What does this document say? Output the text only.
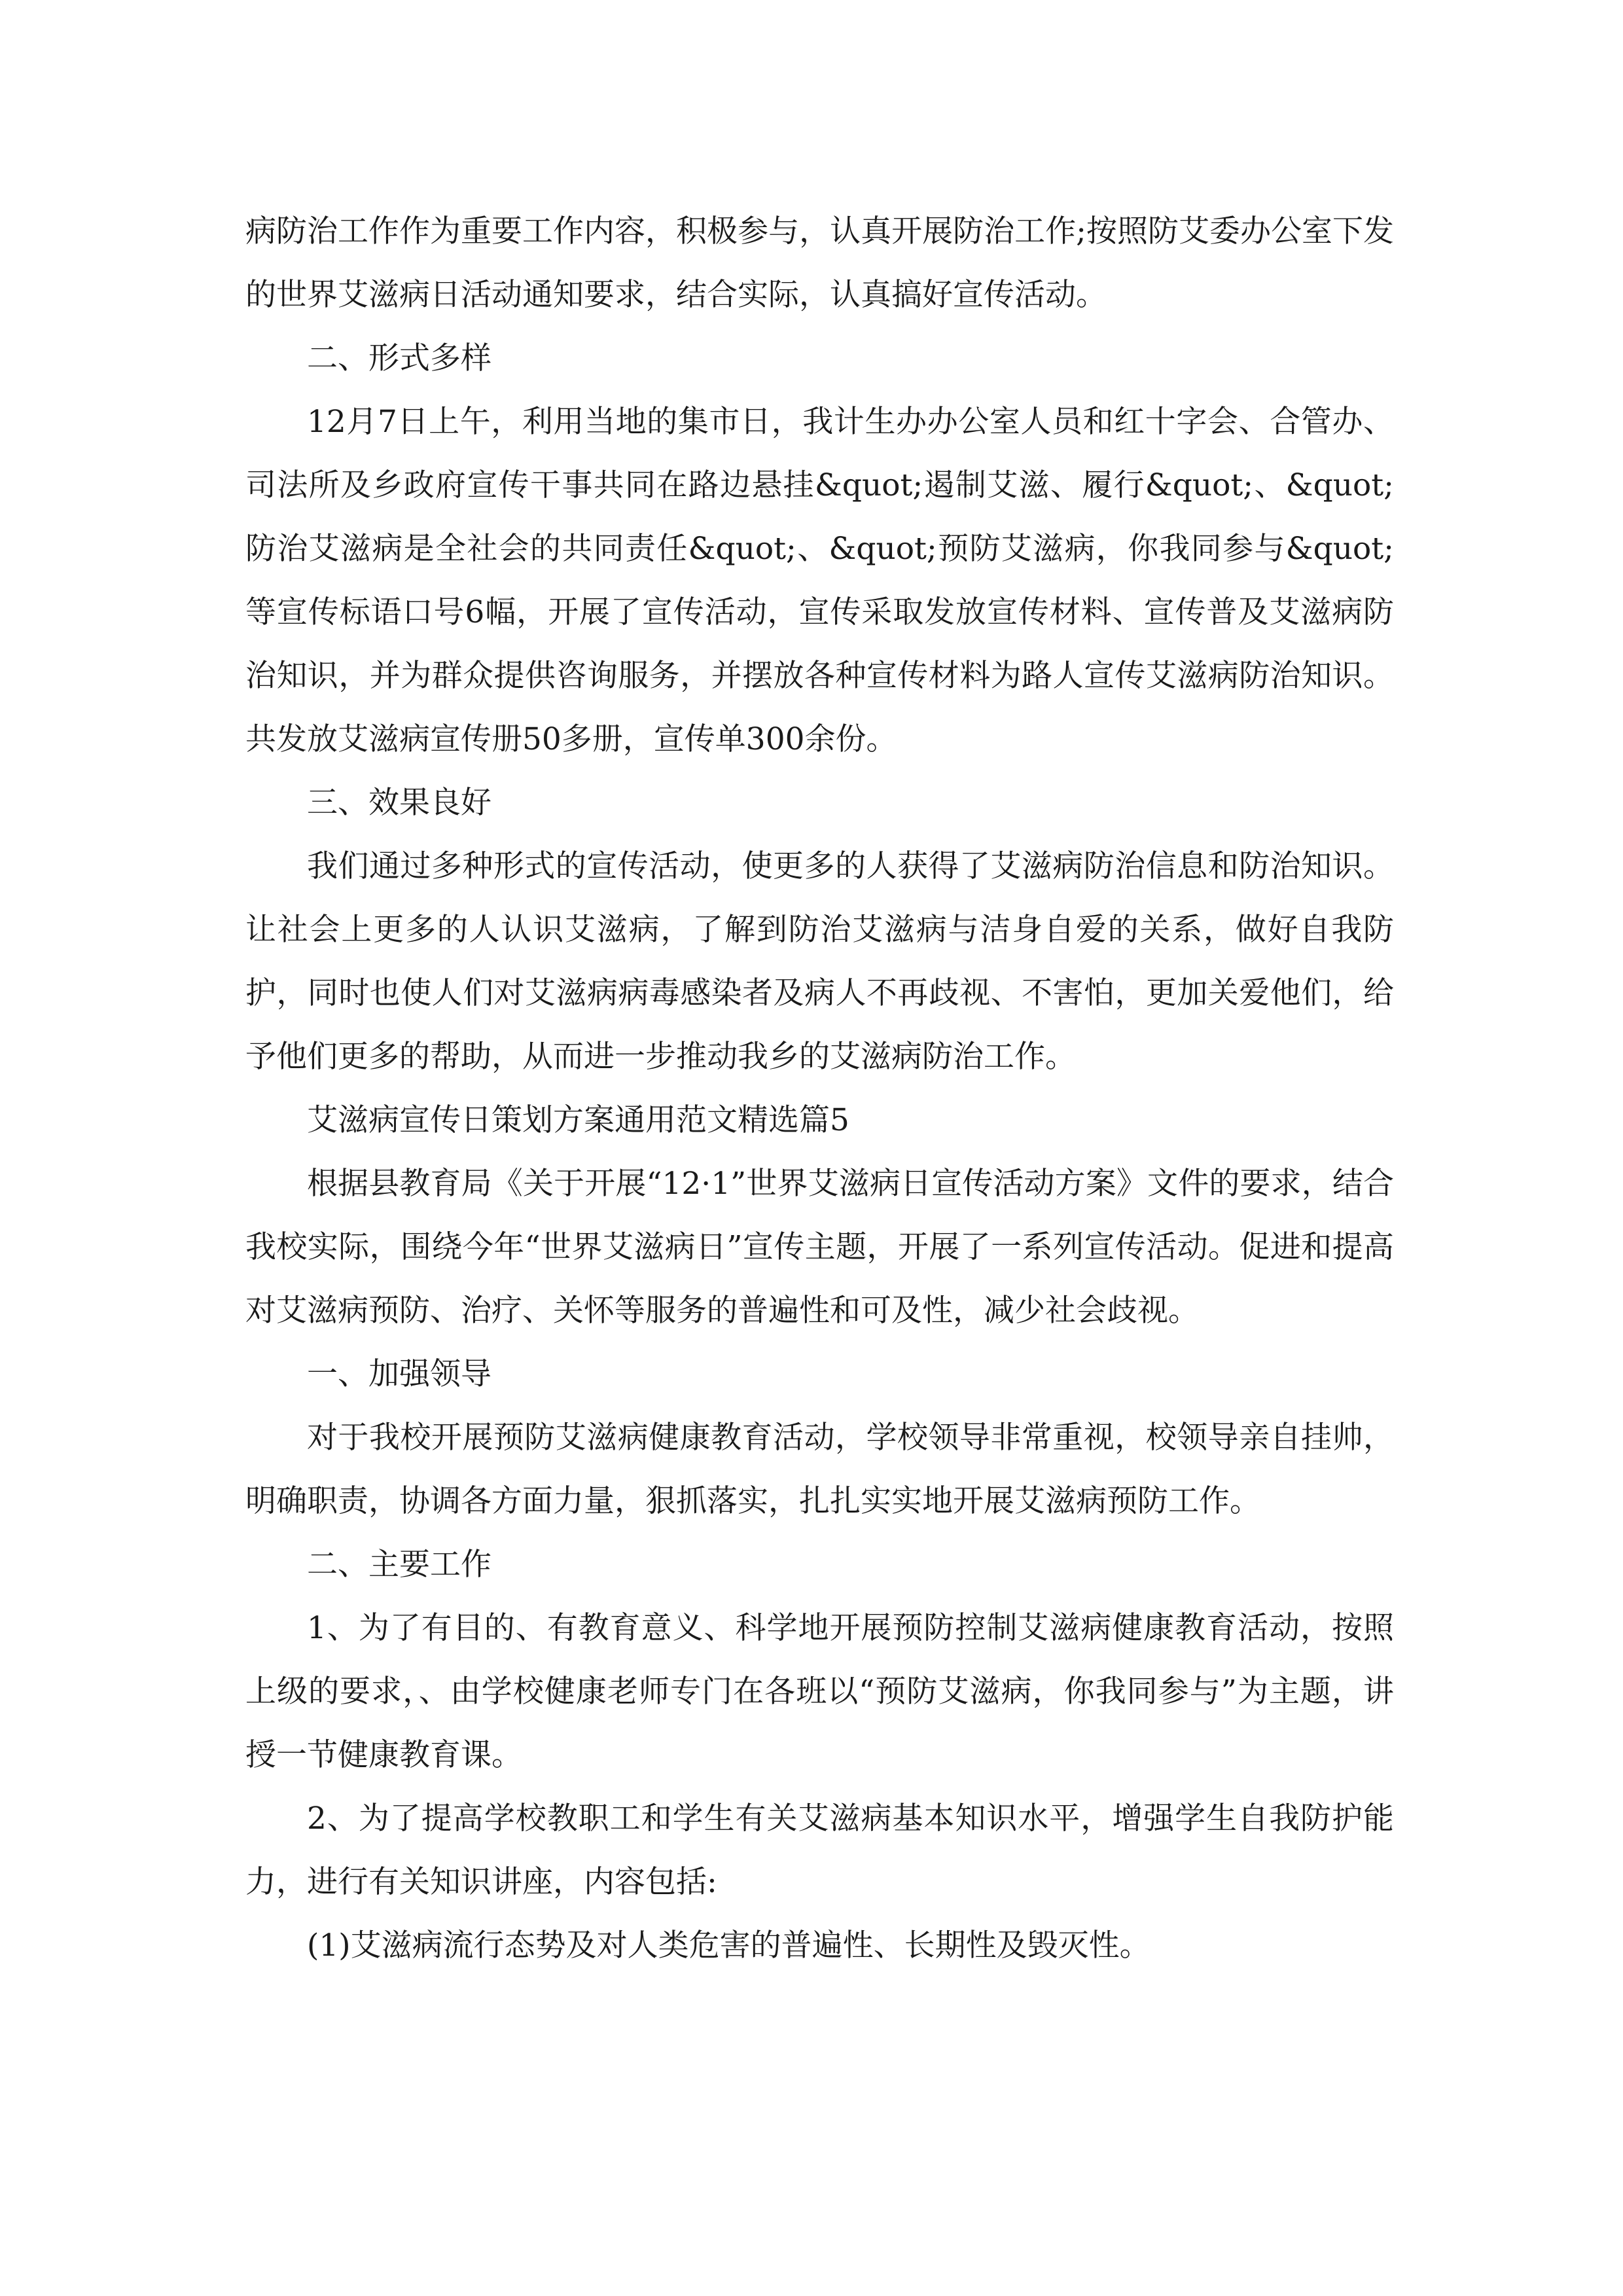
病防治工作作为重要工作内容，积极参与，认真开展防治工作;按照防艾委办公室下发的世界艾滋病日活动通知要求，结合实际，认真搞好宣传活动。

二、形式多样

12月7日上午，利用当地的集市日，我计生办办公室人员和红十字会、合管办、司法所及乡政府宣传干事共同在路边悬挂&quot;遏制艾滋、履行&quot;、&quot;防治艾滋病是全社会的共同责任&quot;、&quot;预防艾滋病，你我同参与&quot;等宣传标语口号6幅，开展了宣传活动，宣传采取发放宣传材料、宣传普及艾滋病防治知识，并为群众提供咨询服务，并摆放各种宣传材料为路人宣传艾滋病防治知识。共发放艾滋病宣传册50多册，宣传单300余份。

三、效果良好

我们通过多种形式的宣传活动，使更多的人获得了艾滋病防治信息和防治知识。让社会上更多的人认识艾滋病，了解到防治艾滋病与洁身自爱的关系，做好自我防护，同时也使人们对艾滋病病毒感染者及病人不再歧视、不害怕，更加关爱他们，给予他们更多的帮助，从而进一步推动我乡的艾滋病防治工作。

艾滋病宣传日策划方案通用范文精选篇5

根据县教育局《关于开展“12·1”世界艾滋病日宣传活动方案》文件的要求，结合我校实际，围绕今年“世界艾滋病日”宣传主题，开展了一系列宣传活动。促进和提高对艾滋病预防、治疗、关怀等服务的普遍性和可及性，减少社会歧视。

一、加强领导

对于我校开展预防艾滋病健康教育活动，学校领导非常重视，校领导亲自挂帅，明确职责，协调各方面力量，狠抓落实，扎扎实实地开展艾滋病预防工作。

二、主要工作

1、为了有目的、有教育意义、科学地开展预防控制艾滋病健康教育活动，按照上级的要求，、由学校健康老师专门在各班以“预防艾滋病，你我同参与”为主题，讲授一节健康教育课。

2、为了提高学校教职工和学生有关艾滋病基本知识水平，增强学生自我防护能力，进行有关知识讲座，内容包括:

(1)艾滋病流行态势及对人类危害的普遍性、长期性及毁灭性。
